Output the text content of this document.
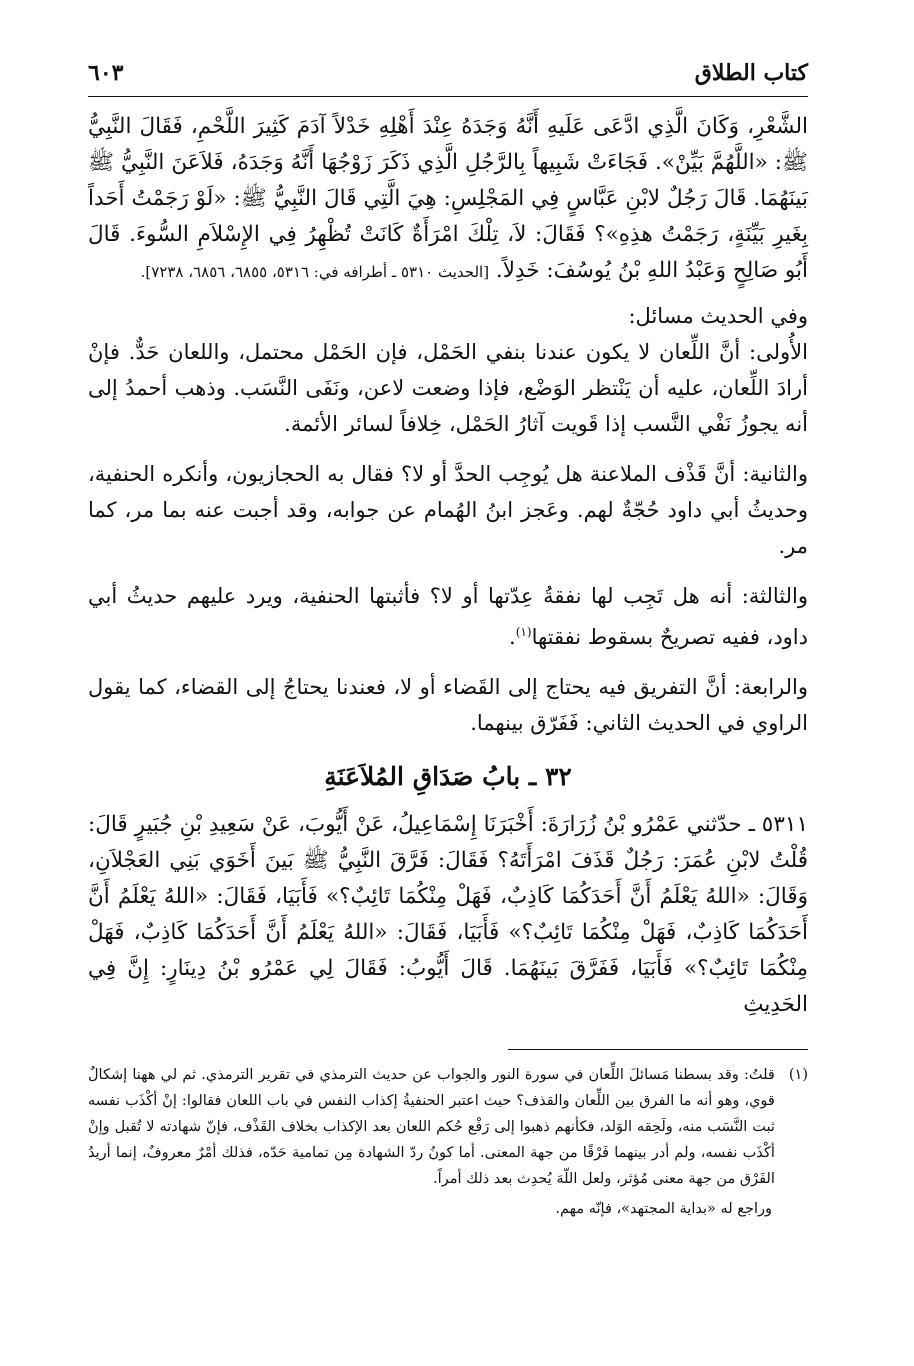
كتاب الطلاق
٦٠٣
الشَّعْرِ، وَكَانَ الَّذِي ادَّعَى عَلَيهِ أَنَّهُ وَجَدَهُ عِنْدَ أَهْلِهِ خَدْلاً آدَمَ كَثِيرَ اللَّحْمِ، فَقَالَ النَّبِيُّ ﷺ: «اللَّهُمَّ بَيِّنْ». فَجَاءَتْ شَبِيهاً بِالرَّجُلِ الَّذِي ذَكَرَ زَوْجُهَا أَنَّهُ وَجَدَهُ، فَلاَعَنَ النَّبِيُّ ﷺ بَينَهُمَا. قَالَ رَجُلٌ لابْنِ عَبَّاسٍ فِي المَجْلِسِ: هِيَ الَّتِي قَالَ النَّبِيُّ ﷺ: «لَوْ رَجَمْتُ أَحَداً بِغَيرِ بَيِّنَةٍ، رَجَمْتُ هذِهِ»؟ فَقَالَ: لاَ، تِلْكَ امْرَأَةٌ كَانَتْ تُظْهِرُ فِي الإِسْلاَمِ السُّوءَ. قَالَ أَبُو صَالِحٍ وَعَبْدُ اللهِ بْنُ يُوسُفَ: خَدِلاً. [الحديث ٥٣١٠ ـ أطرافه في: ٥٣١٦، ٦٨٥٥، ٦٨٥٦، ٧٢٣٨].
وفي الحديث مسائل:

الأُولى: أنَّ اللِّعان لا يكون عندنا بنفي الحَمْل، فإن الحَمْل محتمل، واللعان حَدٌّ. فإنْ أرادَ اللِّعان، عليه أن يَنْتظر الوَضْع، فإذا وضعت لاعن، ونَفَى النَّسَب. وذهب أحمدُ إلى أنه يجوزُ نَفْي النَّسب إذا قَويت آثارُ الحَمْل، خِلافاً لسائر الأئمة.

والثانية: أنَّ قَذْف الملاعنة هل يُوجِب الحدَّ أو لا؟ فقال به الحجازيون، وأنكره الحنفية، وحديثُ أبي داود حُجّةٌ لهم. وعَجز ابنُ الهُمام عن جوابه، وقد أجبت عنه بما مر، كما مر.

والثالثة: أنه هل تَجِب لها نفقةُ عِدّتها أو لا؟ فأثبتها الحنفية، ويرد عليهم حديثُ أبي داود، ففيه تصريحٌ بسقوط نفقتها$^{(١)}$.

والرابعة: أنَّ التفريق فيه يحتاج إلى القَضاء أو لا، فعندنا يحتاجُ إلى القضاء، كما يقول الراوي في الحديث الثاني: فَفَرّق بينهما.

٣٢ ـ بابُ صَدَاقِ المُلاَعَنَةِ
٥٣١١ ـ حدّثني عَمْرُو بْنُ زُرَارَةَ: أَخْبَرَنَا إِسْمَاعِيلُ، عَنْ أَيُّوبَ، عَنْ سَعِيدِ بْنِ جُبَيرٍ قَالَ: قُلْتُ لابْنِ عُمَرَ: رَجُلٌ قَذَفَ امْرَأَتَهُ؟ فَقَالَ: فَرَّقَ النَّبِيُّ ﷺ بَينَ أَخَوَي بَنِي العَجْلاَنِ، وَقَالَ: «اللهُ يَعْلَمُ أَنَّ أَحَدَكُمَا كَاذِبٌ، فَهَلْ مِنْكُمَا تَائِبٌ؟» فَأَبَيَا، فَقَالَ: «اللهُ يَعْلَمُ أَنَّ أَحَدَكُمَا كَاذِبٌ، فَهَلْ مِنْكُمَا تَائِبٌ؟» فَأَبَيَا، فَقَالَ: «اللهُ يَعْلَمُ أَنَّ أَحَدَكُمَا كَاذِبٌ، فَهَلْ مِنْكُمَا تَائِبٌ؟» فَأَبَيَا، فَفَرَّقَ بَينَهُمَا. قَالَ أَيُّوبُ: فَقَالَ لِي عَمْرُو بْنُ دِينَارٍ: إِنَّ فِي الحَدِيثِ
(١)
قلتُ: وقد بسطنا مَسائلَ اللِّعان في سورة النور والجواب عن حديث الترمذي في تقرير الترمذي. ثم لي ههنا إشكالٌ قوي، وهو أنه ما الفرق بين اللِّعان والقذف؟ حيث اعتبر الحنفيةُ إكذاب النفس في باب اللعان فقالوا: إنْ أكْذَب نفسه ثبت النَّسَب منه، ولَحِقه الوَلد، فكأنهم ذهبوا إلى رَفْع حُكم اللعان بعد الإكذاب بخلاف القَذْف، فإنّ شهادته لا تُقبل وإنْ أكْذَب نفسه، ولم أدر بينهما فَرْقًا من جهة المعنى. أما كونُ ردّ الشهادة مِن تمامية حَدّه، فذلك أمْرٌ معروفٌ، إنما أريدُ الفَرْق من جهة معنى مُؤثر، ولعل اللّهَ يُحدِث بعد ذلك أمراً.
وراجع له «بداية المجتهد»، فإنّه مهم.
